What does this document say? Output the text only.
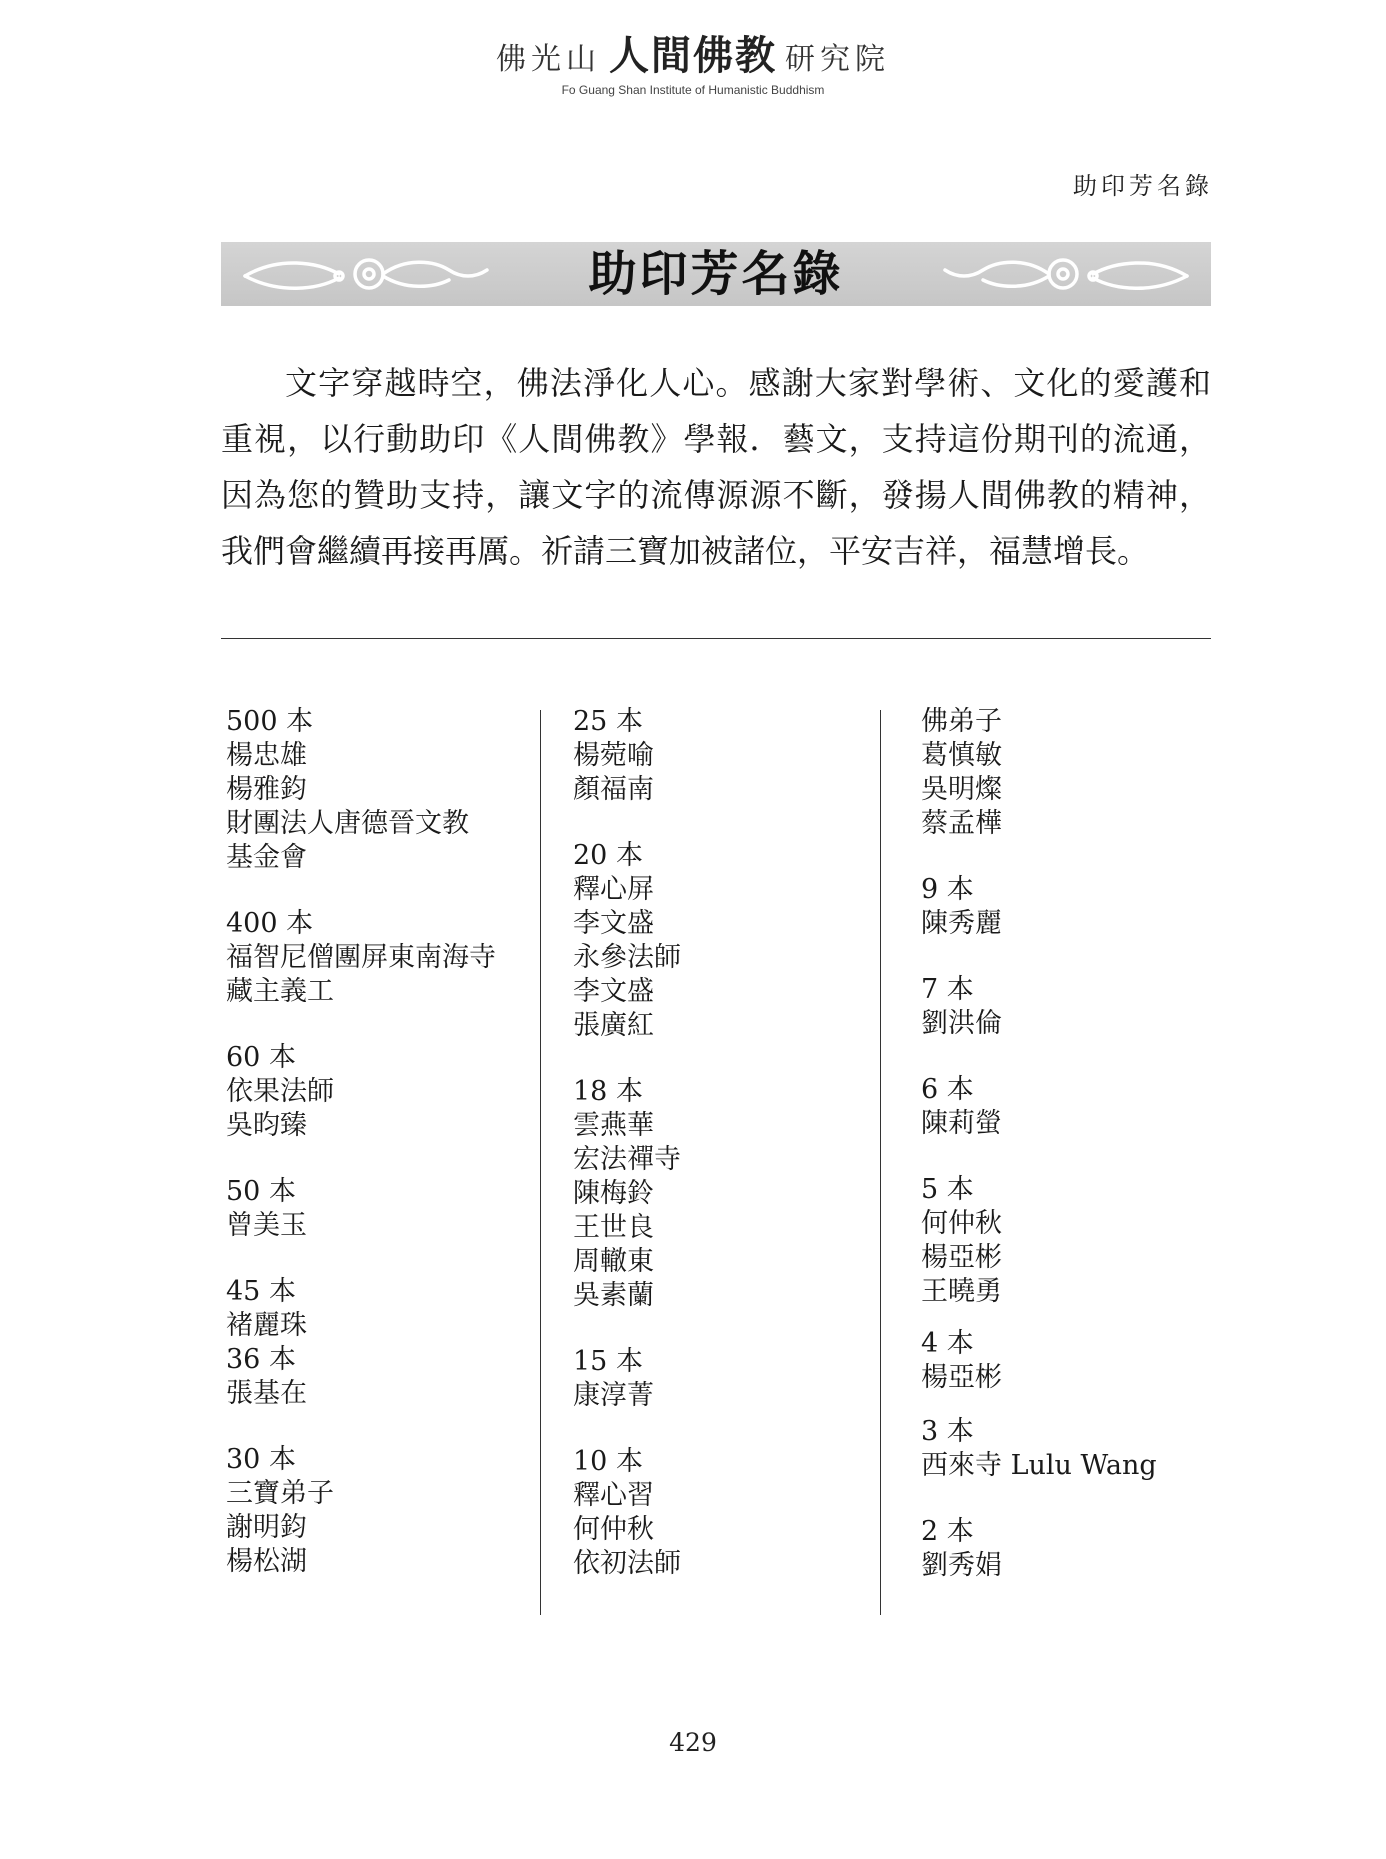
佛光山 人間佛教 研究院
Fo Guang Shan Institute of Humanistic Buddhism
助印芳名錄
助印芳名錄

文字穿越時空，佛法淨化人心。感謝大家對學術、文化的愛護和重視，以行動助印《人間佛教》學報．藝文，支持這份期刊的流通，因為您的贊助支持，讓文字的流傳源源不斷，發揚人間佛教的精神，我們會繼續再接再厲。祈請三寶加被諸位，平安吉祥，福慧增長。

500 本
楊忠雄
楊雅鈞
財團法人唐德晉文教
基金會
400 本
福智尼僧團屏東南海寺
藏主義工
60 本
依果法師
吳昀臻
50 本
曾美玉
45 本
褚麗珠
36 本
張基在
30 本
三寶弟子
謝明鈞
楊松湖
25 本
楊菀喻
顏福南
20 本
釋心屏
李文盛
永參法師
李文盛
張廣紅
18 本
雲燕華
宏法禪寺
陳梅鈴
王世良
周轍東
吳素蘭
15 本
康淳菁
10 本
釋心習
何仲秋
依初法師
佛弟子
葛慎敏
吳明燦
蔡孟樺
9 本
陳秀麗
7 本
劉洪倫
6 本
陳莉螢
5 本
何仲秋
楊亞彬
王曉勇
4 本
楊亞彬
3 本
西來寺 Lulu Wang
2 本
劉秀娟
429
